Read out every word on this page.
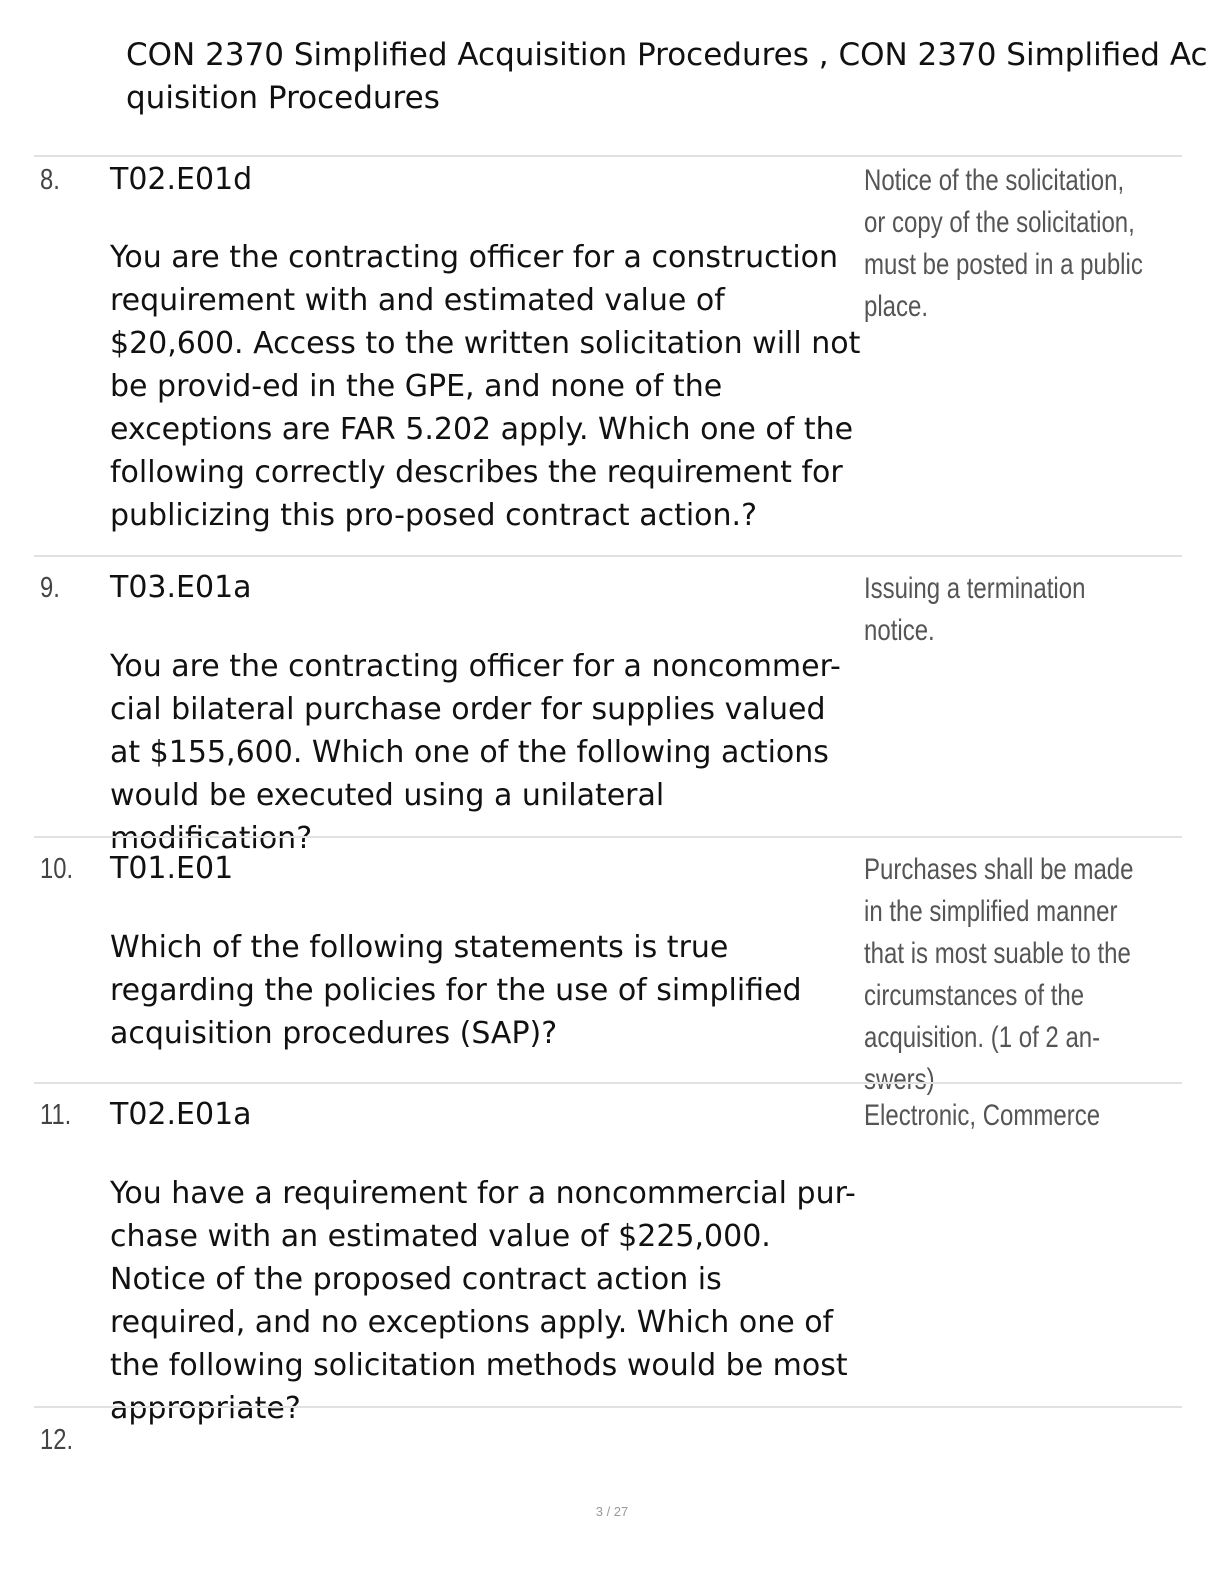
CON 2370 Simplified Acquisition Procedures , CON 2370 Simplified Acquisition Procedures
8. T02.E01d
You are the contracting officer for a construction requirement with and estimated value of $20,600. Access to the written solicitation will not be provid-ed in the GPE, and none of the exceptions are FAR 5.202 apply. Which one of the following correctly describes the requirement for publicizing this pro-posed contract action.?
Notice of the solicitation, or copy of the solicitation, must be posted in a public place.
9. T03.E01a
You are the contracting officer for a noncommer-cial bilateral purchase order for supplies valued at $155,600. Which one of the following actions would be executed using a unilateral modification?
Issuing a termination notice.
10. T01.E01
Which of the following statements is true regarding the policies for the use of simplified acquisition procedures (SAP)?
Purchases shall be made in the simplified manner that is most suable to the circumstances of the acquisition. (1 of 2 an-swers)
11. T02.E01a
You have a requirement for a noncommercial pur-chase with an estimated value of $225,000. Notice of the proposed contract action is required, and no exceptions apply. Which one of the following solicitation methods would be most appropriate?
Electronic, Commerce
12.
3 / 27
